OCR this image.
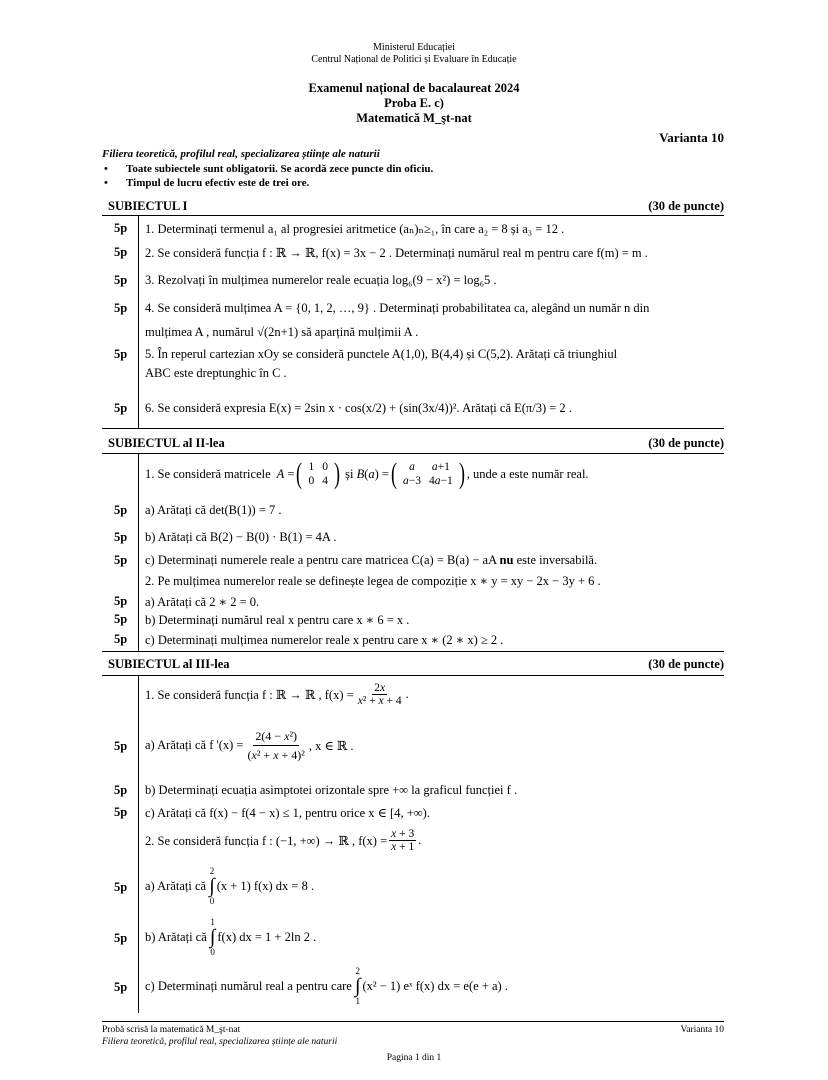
Ministerul Educației
Centrul Național de Politici și Evaluare în Educație
Examenul național de bacalaureat 2024
Proba E. c)
Matematică M_şt-nat
Varianta 10
Filiera teoretică, profilul real, specializarea științe ale naturii
• Toate subiectele sunt obligatorii. Se acordă zece puncte din oficiu.
• Timpul de lucru efectiv este de trei ore.
SUBIECTUL I	(30 de puncte)
5p 1. Determinați termenul a₁ al progresiei aritmetice (aₙ)ₙ≥₁, în care a₂ = 8 și a₃ = 12 .
5p 2. Se consideră funcția f : ℝ → ℝ, f(x) = 3x − 2 . Determinați numărul real m pentru care f(m) = m .
5p 3. Rezolvați în mulțimea numerelor reale ecuația log₆(9 − x²) = log₆5 .
5p 4. Se consideră mulțimea A = {0, 1, 2, …, 9} . Determinați probabilitatea ca, alegând un număr n din
mulțimea A , numărul √(2n+1) să aparțină mulțimii A .
5p 5. În reperul cartezian xOy se consideră punctele A(1,0), B(4,4) și C(5,2). Arătați că triunghiul
ABC este dreptunghic în C .
5p 6. Se consideră expresia E(x) = 2sin x · cos(x/2) + (sin(3x/4))². Arătați că E(π/3) = 2 .
SUBIECTUL al II-lea	(30 de puncte)
1. Se consideră matricele A = ( 1	0
0	4 ) și B ( a ) = ( a	a+1
a−3	4a−1 ) , unde a este număr real.
5p a) Arătați că det(B(1)) = 7 .
5p b) Arătați că B(2) − B(0) · B(1) = 4A .
5p c) Determinați numerele reale a pentru care matricea C(a) = B(a) − aA nu este inversabilă.
2. Pe mulțimea numerelor reale se definește legea de compoziție x ∗ y = xy − 2x − 3y + 6 .
5p a) Arătați că 2 ∗ 2 = 0.
5p b) Determinați numărul real x pentru care x ∗ 6 = x .
5p c) Determinați mulțimea numerelor reale x pentru care x ∗ (2 ∗ x) ≥ 2 .
SUBIECTUL al III-lea	(30 de puncte)
1. Se consideră funcția f : ℝ → ℝ , $f(x) = \frac{2x}{\text{x² + x + 4}}$ .
5p a) Arătați că f '$(x) = \frac{\text{2(4 − x²)}}{\text{(x² + x + 4)²}}$ , x ∈ ℝ .
5p b) Determinați ecuația asimptotei orizontale spre +∞ la graficul funcției f .
5p c) Arătați că f(x) − f(4 − x) ≤ 1, pentru orice x ∈ [4, +∞).
2. Se consideră funcția f : (−1, +∞) → ℝ , $f(x) = \frac{x + 3}{x + 1}$ .
5p a) Arătați că

2
∫
0
(x + 1) f(x) dx = 8 .
5p b) Arătați că

1
∫
0
f(x) dx = 1 + 2ln 2 .
5p c) Determinați numărul real a pentru care

2
∫
1
(x² − 1) eˣ f(x) dx = e(e + a) .
Probă scrisă la matematică M_şt-nat	Varianta 10
Filiera teoretică, profilul real, specializarea științe ale naturii
Pagina 1 din 1
